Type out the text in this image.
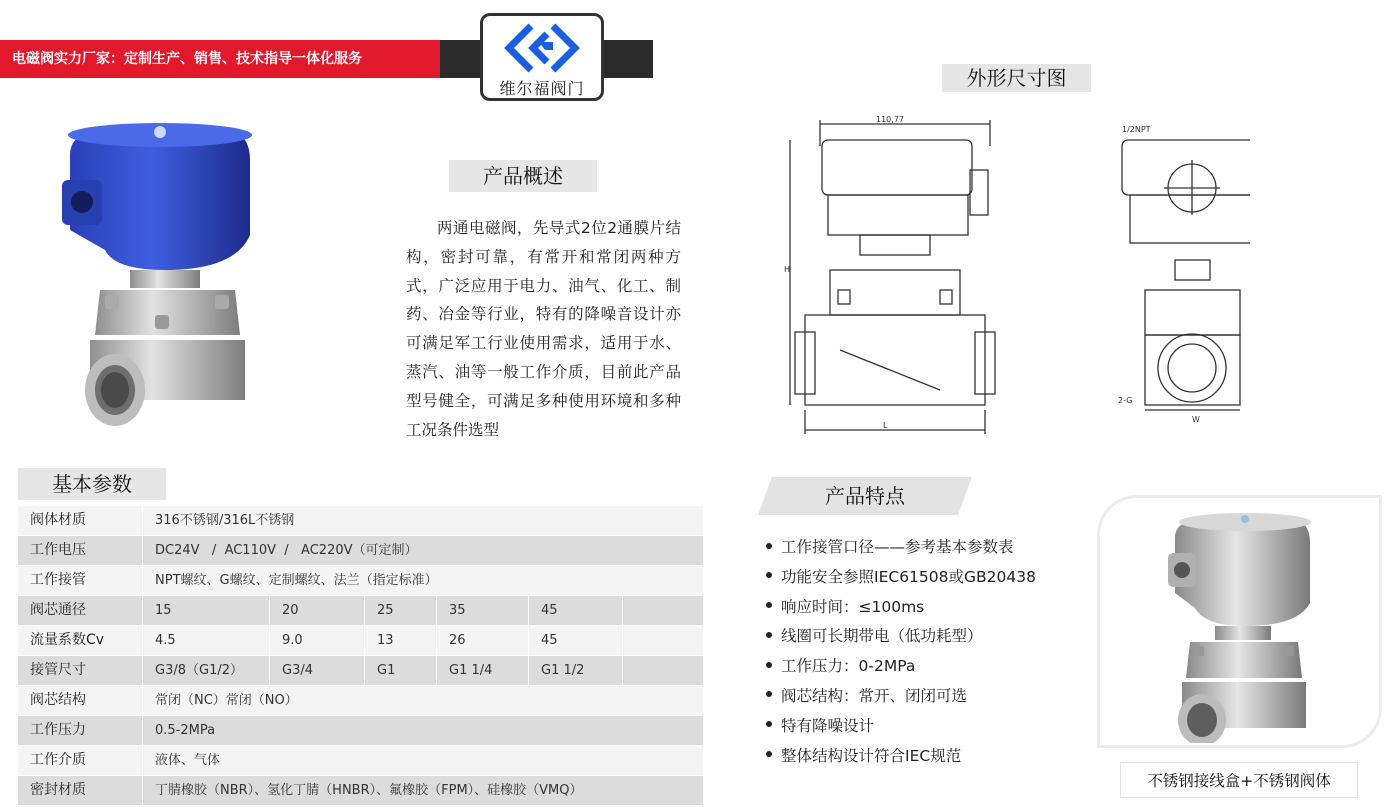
电磁阀实力厂家：定制生产、销售、技术指导一体化服务
维尔福阀门
产品概述
两通电磁阀，先导式2位2通膜片结构，密封可靠，有常开和常闭两种方式，广泛应用于电力、油气、化工、制药、冶金等行业，特有的降噪音设计亦可满足军工行业使用需求，适用于水、蒸汽、油等一般工作介质，目前此产品型号健全，可满足多种使用环境和多种工况条件选型
外形尺寸图
110,77
1/2NPT
H
L
W
2-G
基本参数
阀体材质	316不锈钢/316L不锈钢
工作电压	DC24V   /  AC110V  /   AC220V（可定制）
工作接管	NPT螺纹、G螺纹、定制螺纹、法兰（指定标准）
阀芯通径	15	20	25	35	45
流量系数Cv	4.5	9.0	13	26	45
接管尺寸	G3/8（G1/2）	G3/4	G1	G1 1/4	G1 1/2
阀芯结构	常闭（NC）常闭（NO）
工作压力	0.5-2MPa
工作介质	液体、气体
密封材质	丁腈橡胶（NBR）、氢化丁腈（HNBR）、氟橡胶（FPM）、硅橡胶（VMQ）
产品特点
工作接管口径——参考基本参数表
功能安全参照IEC61508或GB20438
响应时间：≤100ms
线圈可长期带电（低功耗型）
工作压力：0-2MPa
阀芯结构：常开、闭闭可选
特有降噪设计
整体结构设计符合IEC规范
不锈钢接线盒+不锈钢阀体
